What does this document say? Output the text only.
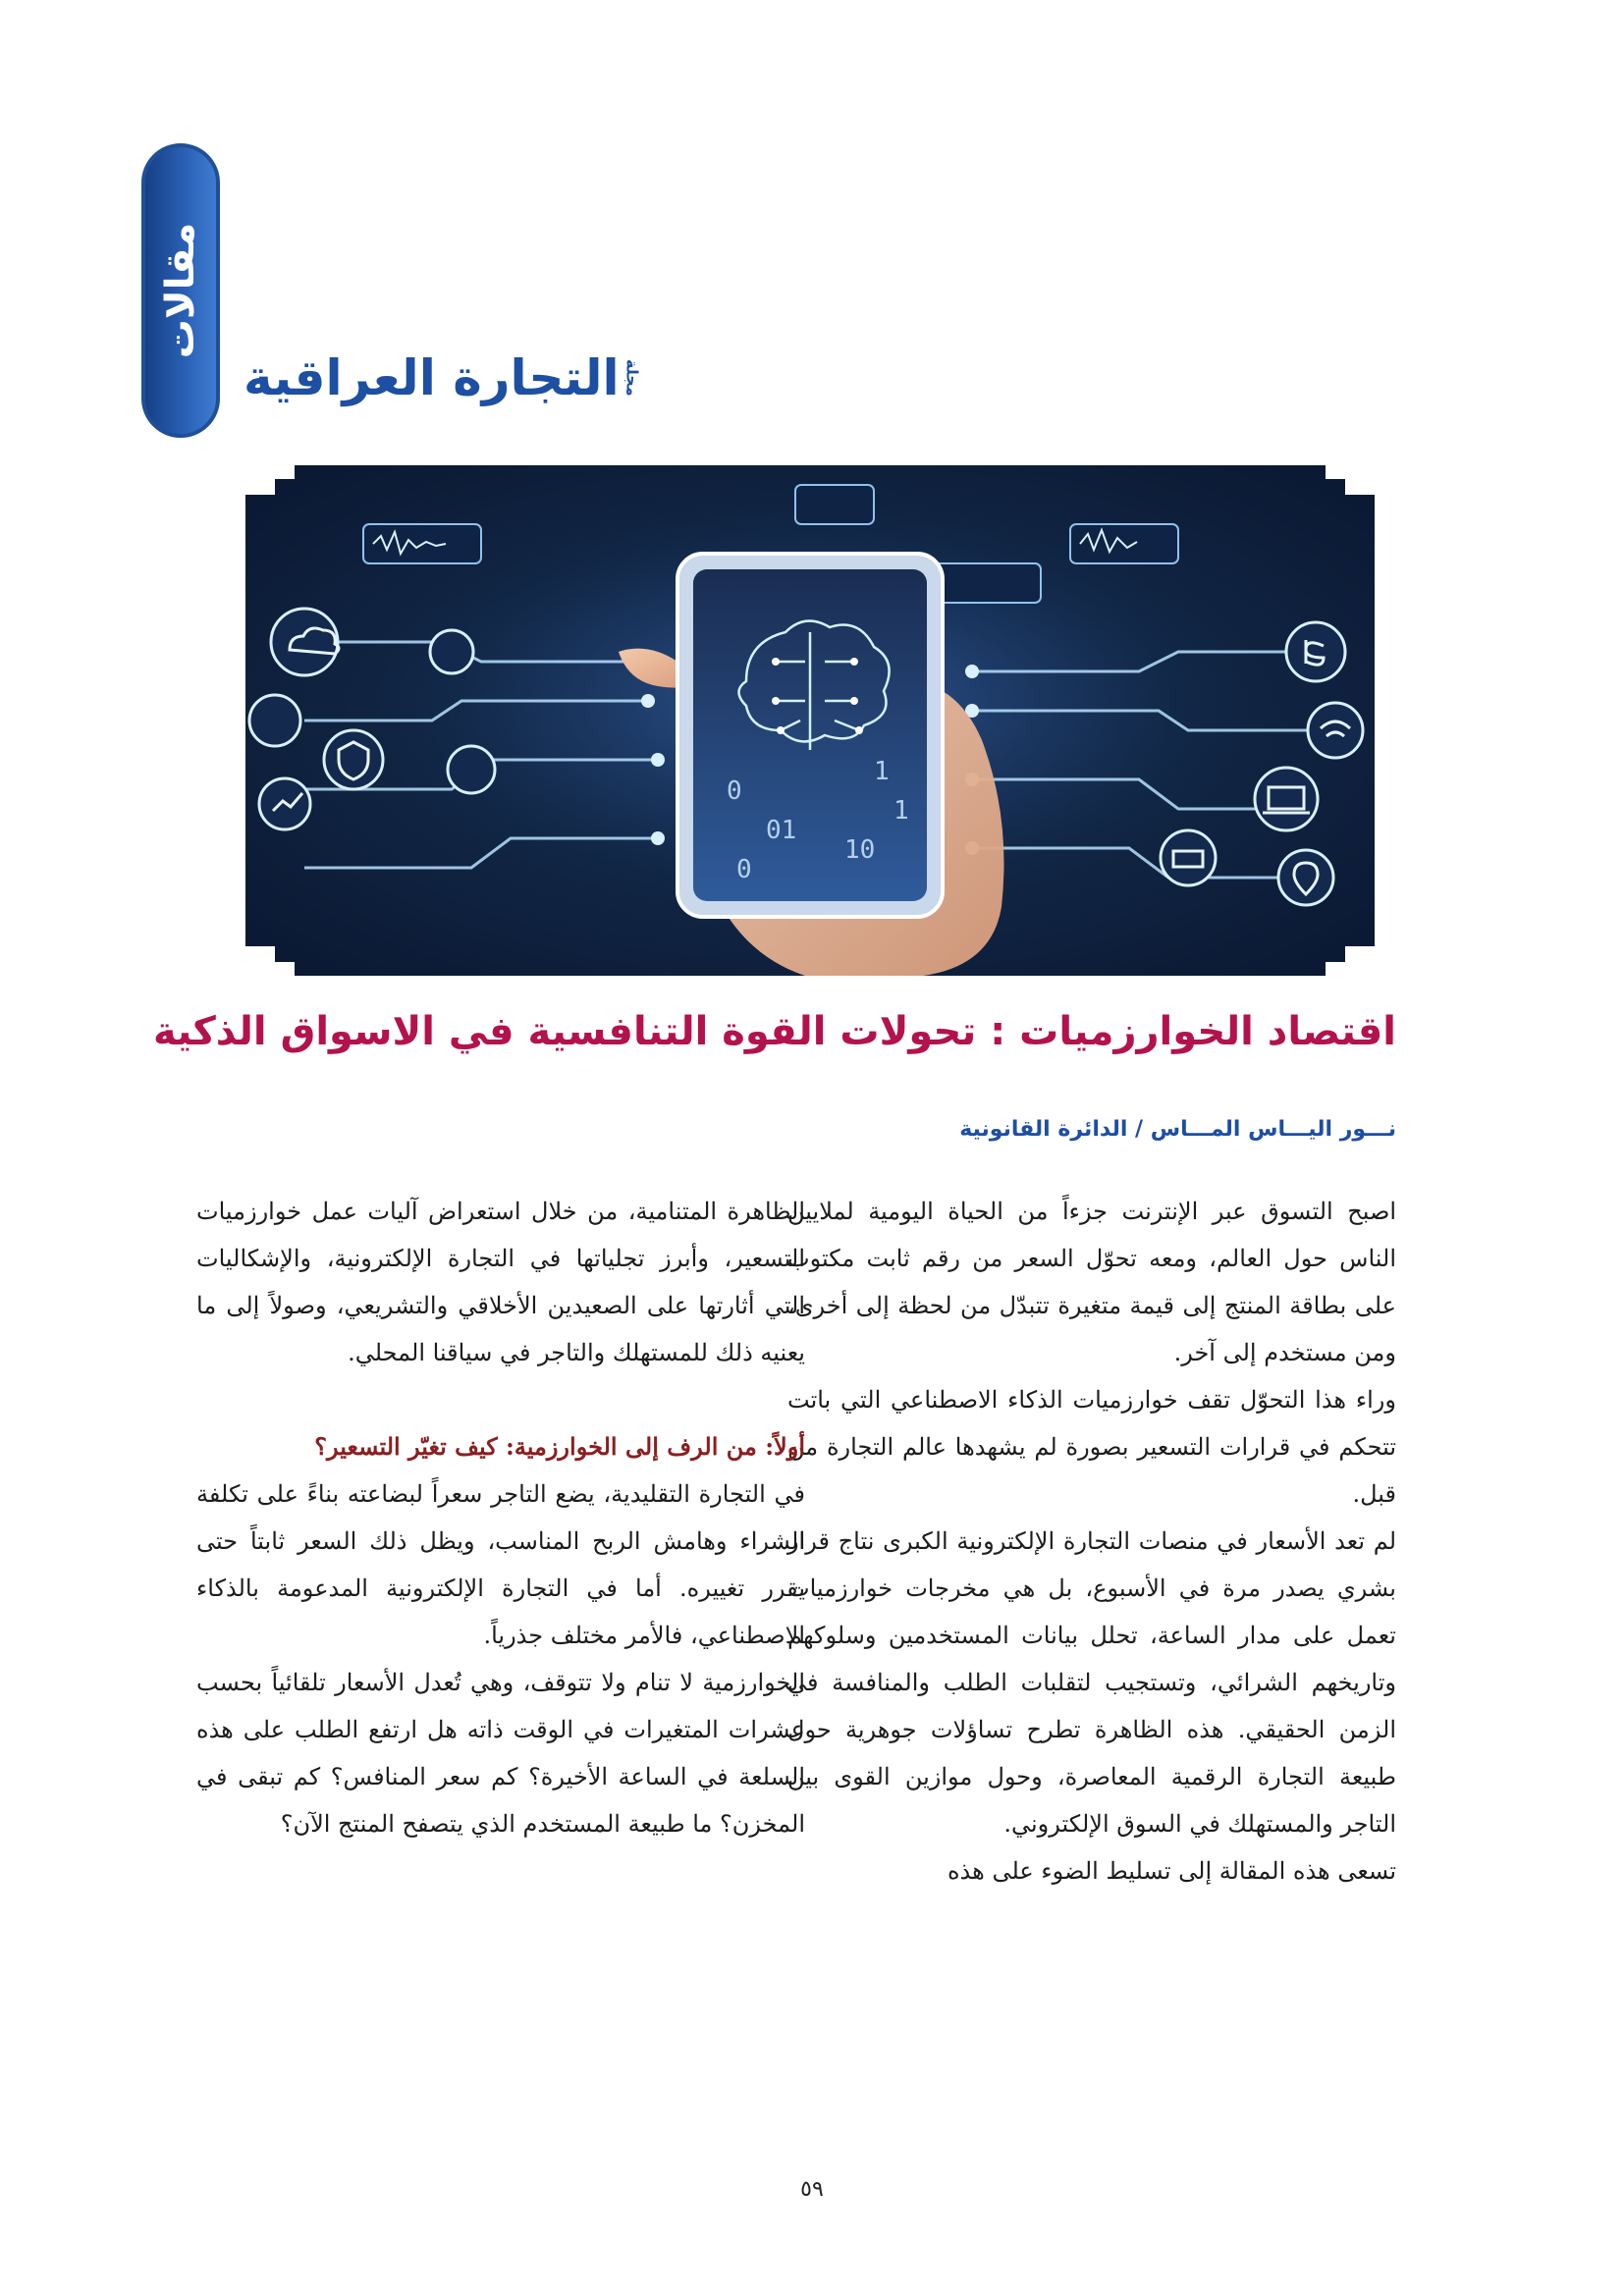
مقالات
مجلة
التجارة العراقية
0
1
01
10
1
0
اقتصاد الخوارزميات : تحولات القوة التنافسية في الاسواق الذكية
نـــور اليـــاس المـــاس / الدائرة القانونية

اصبح التسوق عبر الإنترنت جزءاً من الحياة اليومية لملايين الناس حول العالم، ومعه تحوّل السعر من رقم ثابت مكتوب على بطاقة المنتج إلى قيمة متغيرة تتبدّل من لحظة إلى أخرى، ومن مستخدم إلى آخر.

وراء هذا التحوّل تقف خوارزميات الذكاء الاصطناعي التي باتت تتحكم في قرارات التسعير بصورة لم يشهدها عالم التجارة من قبل.

لم تعد الأسعار في منصات التجارة الإلكترونية الكبرى نتاج قرار بشري يصدر مرة في الأسبوع، بل هي مخرجات خوارزميات تعمل على مدار الساعة، تحلل بيانات المستخدمين وسلوكهم وتاريخهم الشرائي، وتستجيب لتقلبات الطلب والمنافسة في الزمن الحقيقي. هذه الظاهرة تطرح تساؤلات جوهرية حول طبيعة التجارة الرقمية المعاصرة، وحول موازين القوى بين التاجر والمستهلك في السوق الإلكتروني.

تسعى هذه المقالة إلى تسليط الضوء على هذه

الظاهرة المتنامية، من خلال استعراض آليات عمل خوارزميات التسعير، وأبرز تجلياتها في التجارة الإلكترونية، والإشكاليات التي أثارتها على الصعيدين الأخلاقي والتشريعي، وصولاً إلى ما يعنيه ذلك للمستهلك والتاجر في سياقنا المحلي.

أولاً: من الرف إلى الخوارزمية: كيف تغيّر التسعير؟

في التجارة التقليدية، يضع التاجر سعراً لبضاعته بناءً على تكلفة الشراء وهامش الربح المناسب، ويظل ذلك السعر ثابتاً حتى يقرر تغييره. أما في التجارة الإلكترونية المدعومة بالذكاء الاصطناعي، فالأمر مختلف جذرياً.

الخوارزمية لا تنام ولا تتوقف، وهي تُعدل الأسعار تلقائياً بحسب عشرات المتغيرات في الوقت ذاته هل ارتفع الطلب على هذه السلعة في الساعة الأخيرة؟ كم سعر المنافس؟ كم تبقى في المخزن؟ ما طبيعة المستخدم الذي يتصفح المنتج الآن؟

٥٩
